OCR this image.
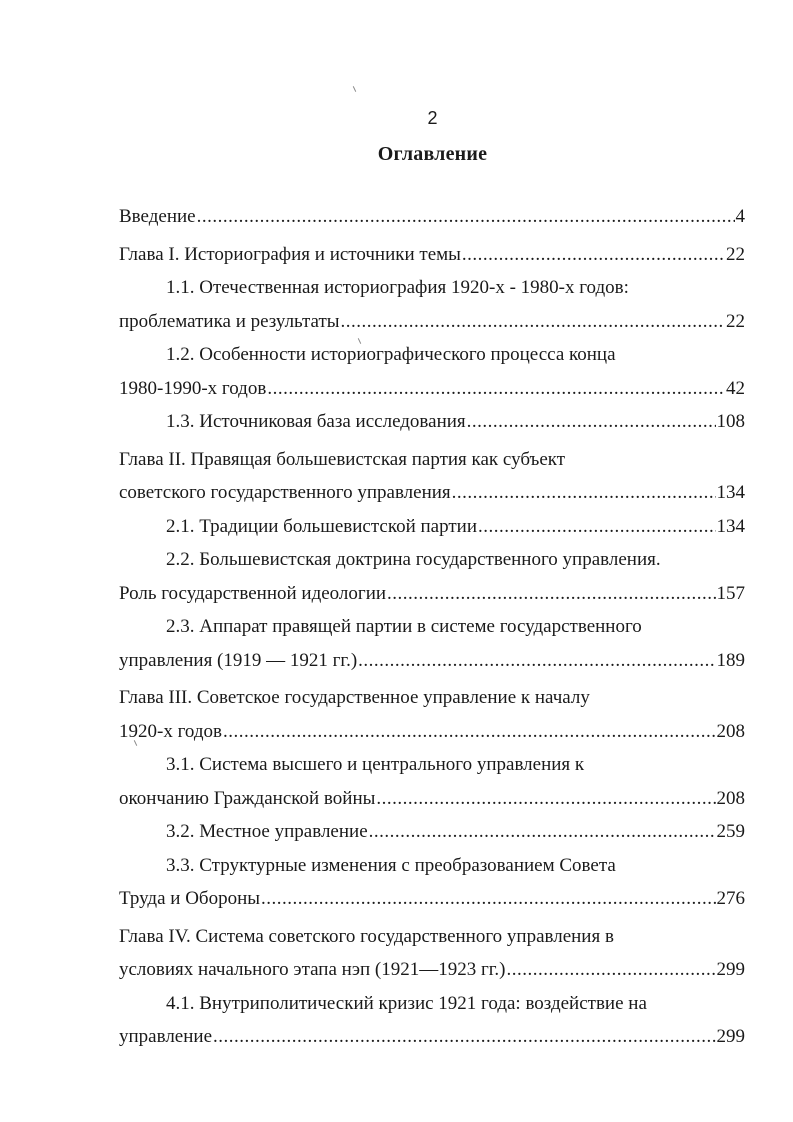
2
Оглавление
Введение .....	4
Глава I. Историография и источники темы .....	22
1.1. Отечественная историография 1920-х - 1980-х годов:
проблематика и результаты .....	22
1.2. Особенности историографического процесса конца
1980-1990-х годов .....	42
1.3. Источниковая база исследования .....	108
Глава II. Правящая большевистская партия как субъект
советского государственного управления .....	134
2.1. Традиции большевистской партии .....	134
2.2. Большевистская доктрина государственного управления.
Роль государственной идеологии .....	157
2.3. Аппарат правящей партии в системе государственного
управления (1919 — 1921 гг.) .....	189
Глава III. Советское государственное управление к началу
1920-х годов .....	208
3.1. Система высшего и центрального управления к
окончанию Гражданской войны .....	208
3.2. Местное управление .....	259
3.3. Структурные изменения с преобразованием Совета
Труда и Обороны .....	276
Глава IV. Система советского государственного управления в
условиях начального этапа нэп (1921—1923 гг.) .....	299
4.1. Внутриполитический кризис 1921 года: воздействие на
управление .....	299
